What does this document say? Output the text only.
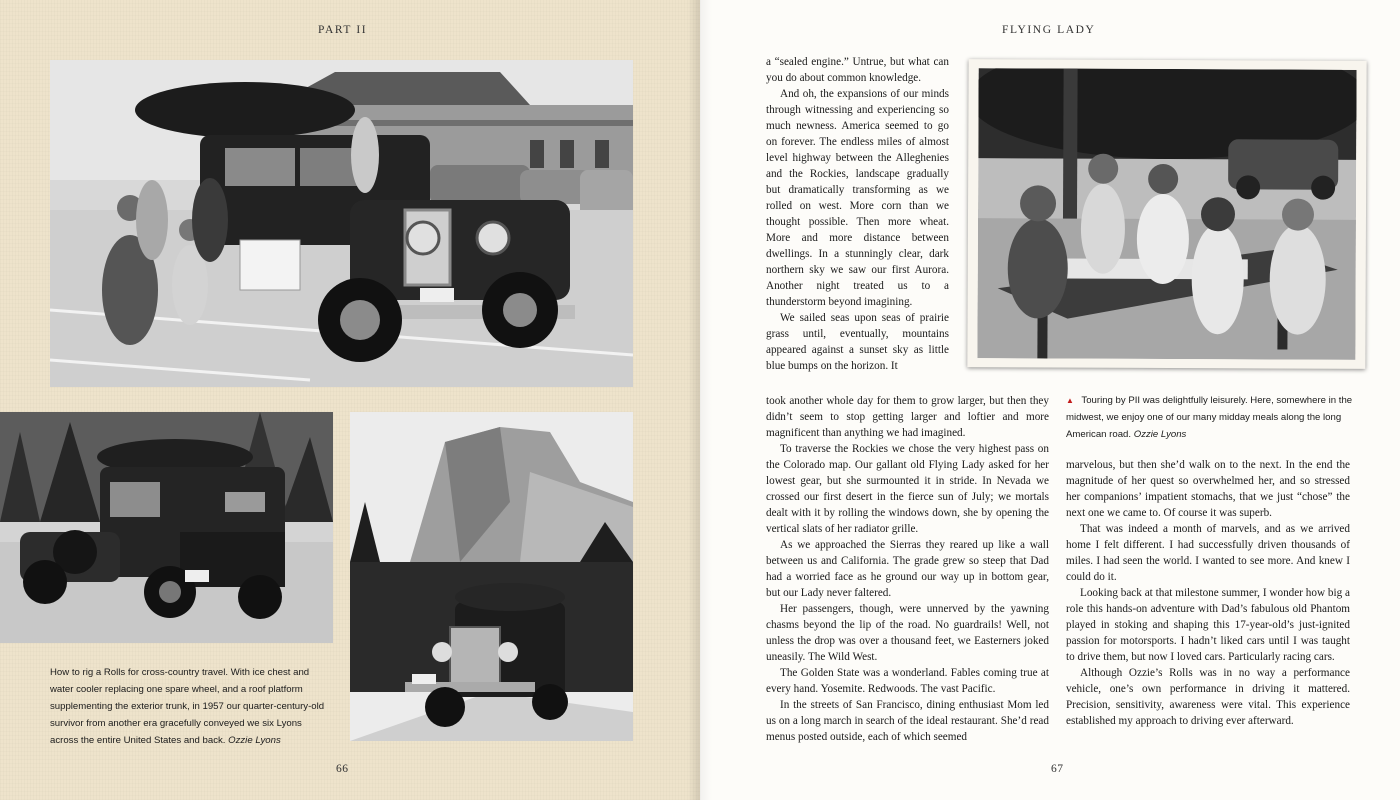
PART II
How to rig a Rolls for cross-country travel. With ice chest and water cooler replacing one spare wheel, and a roof platform supplementing the exterior trunk, in 1957 our quarter-century-old survivor from another era gracefully conveyed we six Lyons across the entire United States and back. Ozzie Lyons
66
FLYING LADY
67
▲ Touring by PII was delightfully leisurely. Here, somewhere in the midwest, we enjoy one of our many midday meals along the long American road. Ozzie Lyons

a “sealed engine.” Untrue, but what can you do about common knowledge.

And oh, the expansions of our minds through witnessing and experiencing so much newness. America seemed to go on forever. The endless miles of almost level highway between the Alleghenies and the Rockies, landscape gradually but dramatically transforming as we rolled on west. More corn than we thought possible. Then more wheat. More and more distance between dwellings. In a stunningly clear, dark northern sky we saw our first Aurora. Another night treated us to a thunderstorm beyond imagining.

We sailed seas upon seas of prairie grass until, eventually, mountains appeared against a sunset sky as little blue bumps on the horizon. It

took another whole day for them to grow larger, but then they didn’t seem to stop getting larger and loftier and more magnificent than anything we had imagined.

To traverse the Rockies we chose the very highest pass on the Colorado map. Our gallant old Flying Lady asked for her lowest gear, but she surmounted it in stride. In Nevada we crossed our first desert in the fierce sun of July; we mortals dealt with it by rolling the windows down, she by opening the vertical slats of her radiator grille.

As we approached the Sierras they reared up like a wall between us and California. The grade grew so steep that Dad had a worried face as he ground our way up in bottom gear, but our Lady never faltered.

Her passengers, though, were unnerved by the yawning chasms beyond the lip of the road. No guardrails! Well, not unless the drop was over a thousand feet, we Easterners joked uneasily. The Wild West.

The Golden State was a wonderland. Fables coming true at every hand. Yosemite. Redwoods. The vast Pacific.

In the streets of San Francisco, dining enthusiast Mom led us on a long march in search of the ideal restaurant. She’d read menus posted outside, each of which seemed

marvelous, but then she’d walk on to the next. In the end the magnitude of her quest so overwhelmed her, and so stressed her companions’ impatient stomachs, that we just “chose” the next one we came to. Of course it was superb.

That was indeed a month of marvels, and as we arrived home I felt different. I had successfully driven thousands of miles. I had seen the world. I wanted to see more. And knew I could do it.

Looking back at that milestone summer, I wonder how big a role this hands-on adventure with Dad’s fabulous old Phantom played in stoking and shaping this 17-year-old’s just-ignited passion for motorsports. I hadn’t liked cars until I was taught to drive them, but now I loved cars. Particularly racing cars.

Although Ozzie’s Rolls was in no way a performance vehicle, one’s own performance in driving it mattered. Precision, sensitivity, awareness were vital. This experience established my approach to driving ever afterward.
